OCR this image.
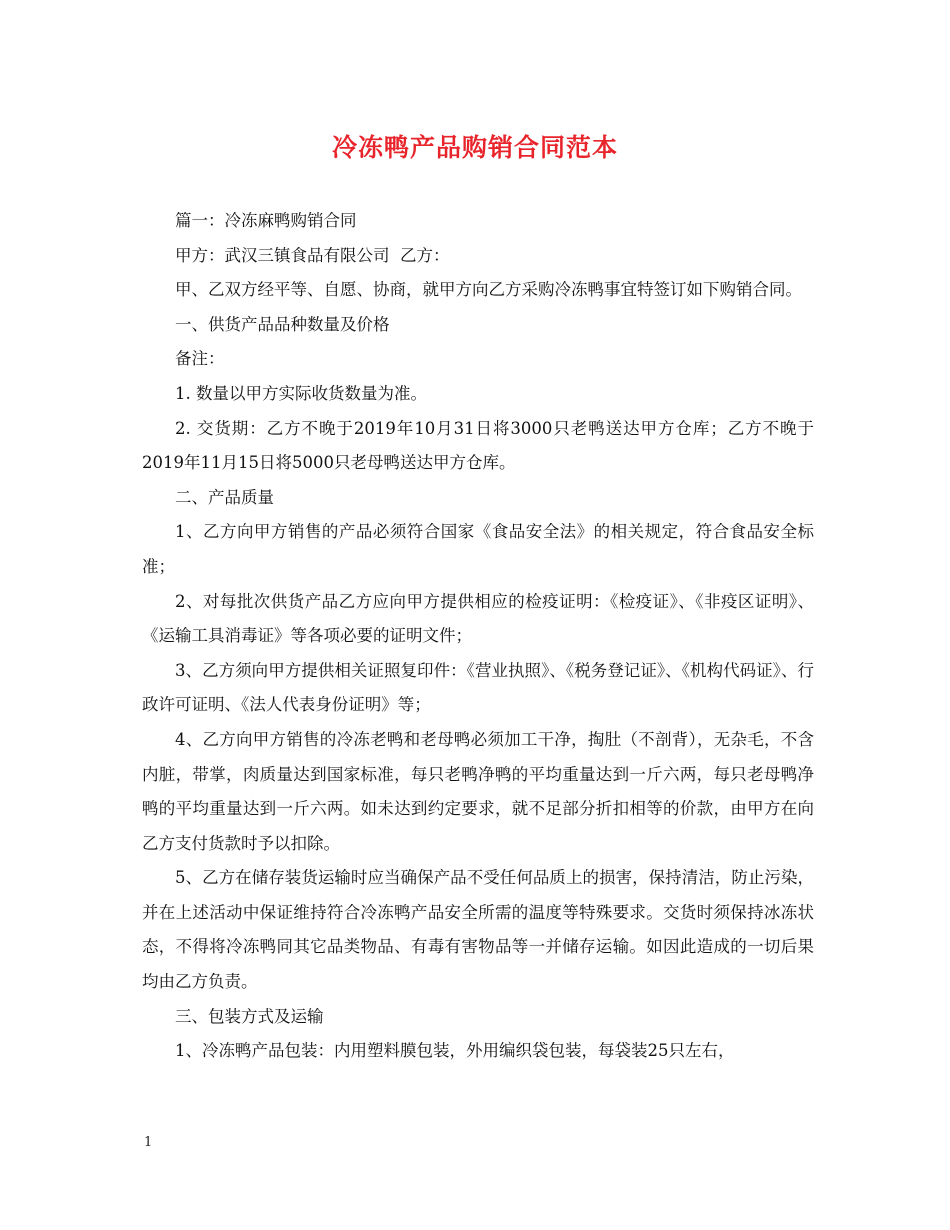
冷冻鸭产品购销合同范本

篇一：冷冻麻鸭购销合同

甲方：武汉三镇食品有限公司  乙方：

甲、乙双方经平等、自愿、协商，就甲方向乙方采购冷冻鸭事宜特签订如下购销合同。

一、供货产品品种数量及价格

备注：

1. 数量以甲方实际收货数量为准。

2. 交货期：乙方不晚于2019年10月31日将3000只老鸭送达甲方仓库；乙方不晚于2019年11月15日将5000只老母鸭送达甲方仓库。

二、产品质量

1、乙方向甲方销售的产品必须符合国家《食品安全法》的相关规定，符合食品安全标准；

2、对每批次供货产品乙方应向甲方提供相应的检疫证明：《检疫证》、《非疫区证明》、《运输工具消毒证》等各项必要的证明文件；

3、乙方须向甲方提供相关证照复印件：《营业执照》、《税务登记证》、《机构代码证》、行政许可证明、《法人代表身份证明》等；

4、乙方向甲方销售的冷冻老鸭和老母鸭必须加工干净，掏肚（不剖背），无杂毛，不含内脏，带掌，肉质量达到国家标准，每只老鸭净鸭的平均重量达到一斤六两，每只老母鸭净鸭的平均重量达到一斤六两。如未达到约定要求，就不足部分折扣相等的价款，由甲方在向乙方支付货款时予以扣除。

5、乙方在储存装货运输时应当确保产品不受任何品质上的损害，保持清洁，防止污染，并在上述活动中保证维持符合冷冻鸭产品安全所需的温度等特殊要求。交货时须保持冰冻状态，不得将冷冻鸭同其它品类物品、有毒有害物品等一并储存运输。如因此造成的一切后果均由乙方负责。

三、包装方式及运输

1、冷冻鸭产品包装：内用塑料膜包装，外用编织袋包装，每袋装25只左右，

1
